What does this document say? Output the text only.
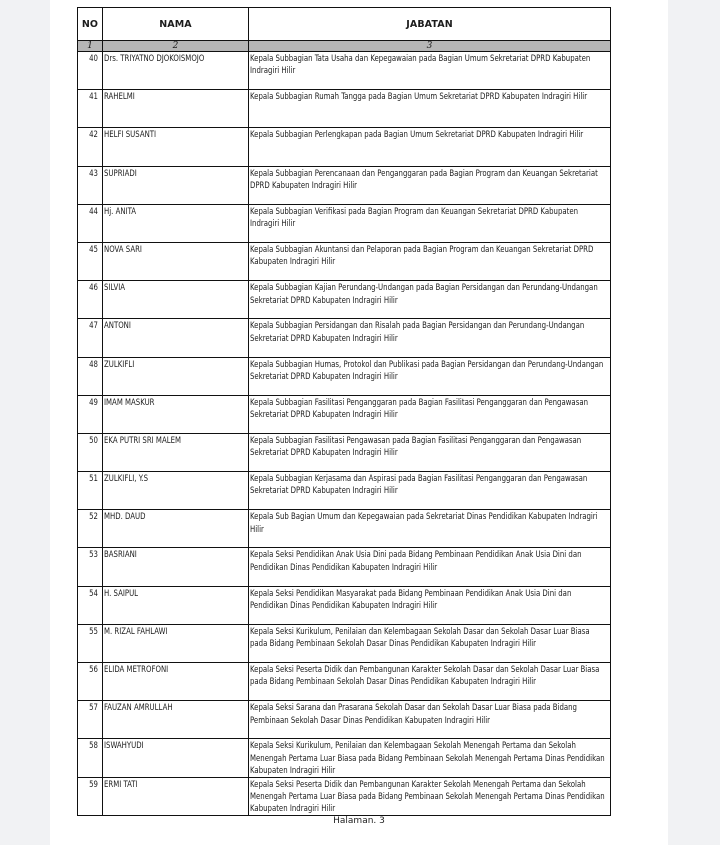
NO	NAMA	JABATAN
1	2	3

40	Drs. TRIYATNO DJOKOISMOJO	Kepala Subbagian Tata Usaha dan Kepegawaian pada Bagian Umum Sekretariat DPRD Kabupaten Indragiri Hilir

41	RAHELMI	Kepala Subbagian Rumah Tangga pada Bagian Umum Sekretariat DPRD Kabupaten Indragiri Hilir

42	HELFI SUSANTI	Kepala Subbagian Perlengkapan pada Bagian Umum Sekretariat DPRD Kabupaten Indragiri Hilir

43	SUPRIADI	Kepala Subbagian Perencanaan dan Penganggaran pada Bagian Program dan Keuangan Sekretariat DPRD Kabupaten Indragiri Hilir

44	Hj. ANITA	Kepala Subbagian Verifikasi pada Bagian Program dan Keuangan Sekretariat DPRD Kabupaten Indragiri Hilir

45	NOVA SARI	Kepala Subbagian Akuntansi dan Pelaporan pada Bagian Program dan Keuangan Sekretariat DPRD Kabupaten Indragiri Hilir

46	SILVIA	Kepala Subbagian Kajian Perundang-Undangan pada Bagian Persidangan dan Perundang-Undangan Sekretariat DPRD Kabupaten Indragiri Hilir

47	ANTONI	Kepala Subbagian Persidangan dan Risalah pada Bagian Persidangan dan Perundang-Undangan Sekretariat DPRD Kabupaten Indragiri Hilir

48	ZULKIFLI	Kepala Subbagian Humas, Protokol dan Publikasi pada Bagian Persidangan dan Perundang-Undangan Sekretariat DPRD Kabupaten Indragiri Hilir

49	IMAM MASKUR	Kepala Subbagian Fasilitasi Penganggaran pada Bagian Fasilitasi Penganggaran dan Pengawasan Sekretariat DPRD Kabupaten Indragiri Hilir

50	EKA PUTRI SRI MALEM	Kepala Subbagian Fasilitasi Pengawasan pada Bagian Fasilitasi Penganggaran dan Pengawasan Sekretariat DPRD Kabupaten Indragiri Hilir

51	ZULKIFLI, Y.S	Kepala Subbagian Kerjasama dan Aspirasi pada Bagian Fasilitasi Penganggaran dan Pengawasan Sekretariat DPRD Kabupaten Indragiri Hilir

52	MHD. DAUD	Kepala Sub Bagian Umum dan Kepegawaian pada Sekretariat Dinas Pendidikan Kabupaten Indragiri Hilir

53	BASRIANI	Kepala Seksi Pendidikan Anak Usia Dini pada Bidang Pembinaan Pendidikan Anak Usia Dini dan Pendidikan Dinas Pendidikan Kabupaten Indragiri Hilir

54	H. SAIPUL	Kepala Seksi Pendidikan Masyarakat pada Bidang Pembinaan Pendidikan Anak Usia Dini dan Pendidikan Dinas Pendidikan Kabupaten Indragiri Hilir

55	M. RIZAL FAHLAWI	Kepala Seksi Kurikulum, Penilaian dan Kelembagaan Sekolah Dasar dan Sekolah Dasar Luar Biasa pada Bidang Pembinaan Sekolah Dasar Dinas Pendidikan Kabupaten Indragiri Hilir

56	ELIDA METROFONI	Kepala Seksi Peserta Didik dan Pembangunan Karakter Sekolah Dasar dan Sekolah Dasar Luar Biasa pada Bidang Pembinaan Sekolah Dasar Dinas Pendidikan Kabupaten Indragiri Hilir

57	FAUZAN AMRULLAH	Kepala Seksi Sarana dan Prasarana Sekolah Dasar dan Sekolah Dasar Luar Biasa pada Bidang Pembinaan Sekolah Dasar Dinas Pendidikan Kabupaten Indragiri Hilir

58	ISWAHYUDI	Kepala Seksi Kurikulum, Penilaian dan Kelembagaan Sekolah Menengah Pertama dan Sekolah Menengah Pertama Luar Biasa pada Bidang Pembinaan Sekolah Menengah Pertama Dinas Pendidikan Kabupaten Indragiri Hilir

59	ERMI TATI	Kepala Seksi Peserta Didik dan Pembangunan Karakter Sekolah Menengah Pertama dan Sekolah Menengah Pertama Luar Biasa pada Bidang Pembinaan Sekolah Menengah Pertama Dinas Pendidikan Kabupaten Indragiri Hilir
Halaman. 3
